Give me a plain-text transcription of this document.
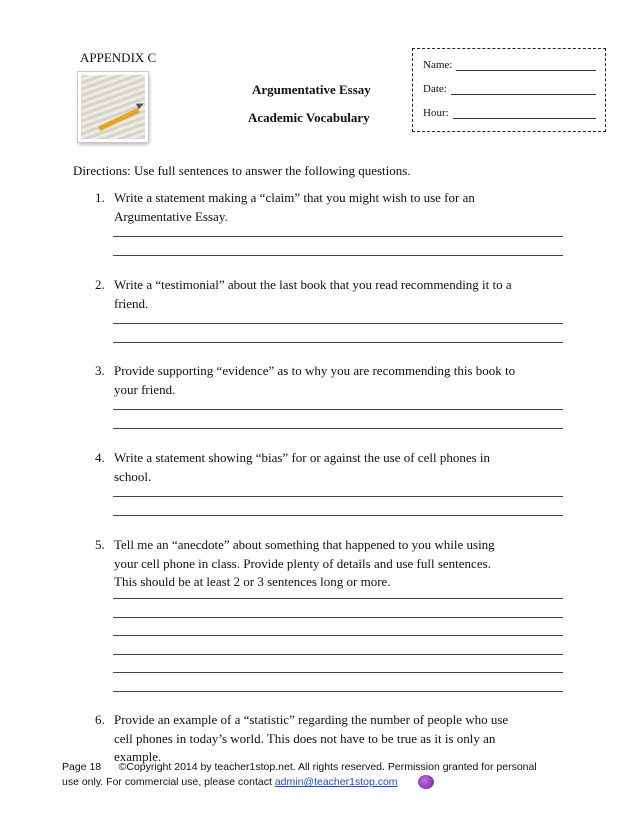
APPENDIX C
Argumentative Essay
Academic Vocabulary
Name:
Date:
Hour:
Directions: Use full sentences to answer the following questions.
1. Write a statement making a “claim” that you might wish to use for an
Argumentative Essay.
2. Write a “testimonial” about the last book that you read recommending it to a
friend.
3. Provide supporting “evidence” as to why you are recommending this book to
your friend.
4. Write a statement showing “bias” for or against the use of cell phones in
school.
5. Tell me an “anecdote” about something that happened to you while using
your cell phone in class. Provide plenty of details and use full sentences.
This should be at least 2 or 3 sentences long or more.
6. Provide an example of a “statistic” regarding the number of people who use
cell phones in today’s world. This does not have to be true as it is only an
example.
Page 18 ©Copyright 2014 by teacher1stop.net. All rights reserved. Permission granted for personal
use only. For commercial use, please contact admin@teacher1stop.com
